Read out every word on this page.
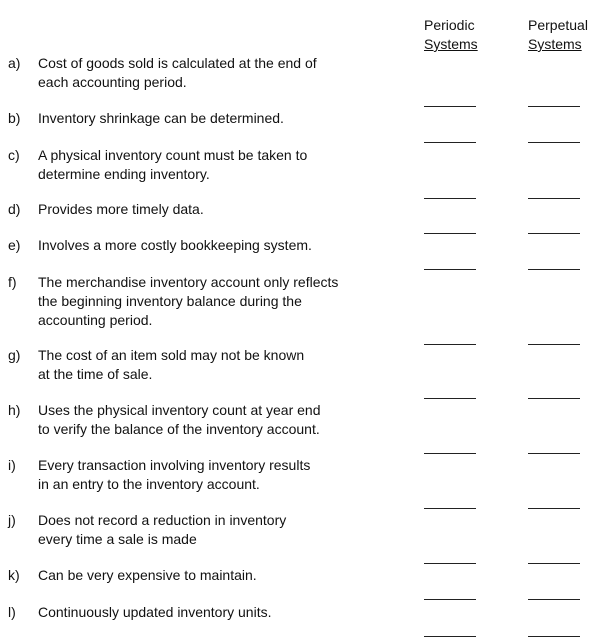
Periodic
Systems
Perpetual
Systems
a) Cost of goods sold is calculated at the end of
each accounting period.
b) Inventory shrinkage can be determined.
c) A physical inventory count must be taken to
determine ending inventory.
d) Provides more timely data.
e) Involves a more costly bookkeeping system.
f) The merchandise inventory account only reflects
the beginning inventory balance during the
accounting period.
g) The cost of an item sold may not be known
at the time of sale.
h) Uses the physical inventory count at year end
to verify the balance of the inventory account.
i) Every transaction involving inventory results
in an entry to the inventory account.
j) Does not record a reduction in inventory
every time a sale is made
k) Can be very expensive to maintain.
l) Continuously updated inventory units.
